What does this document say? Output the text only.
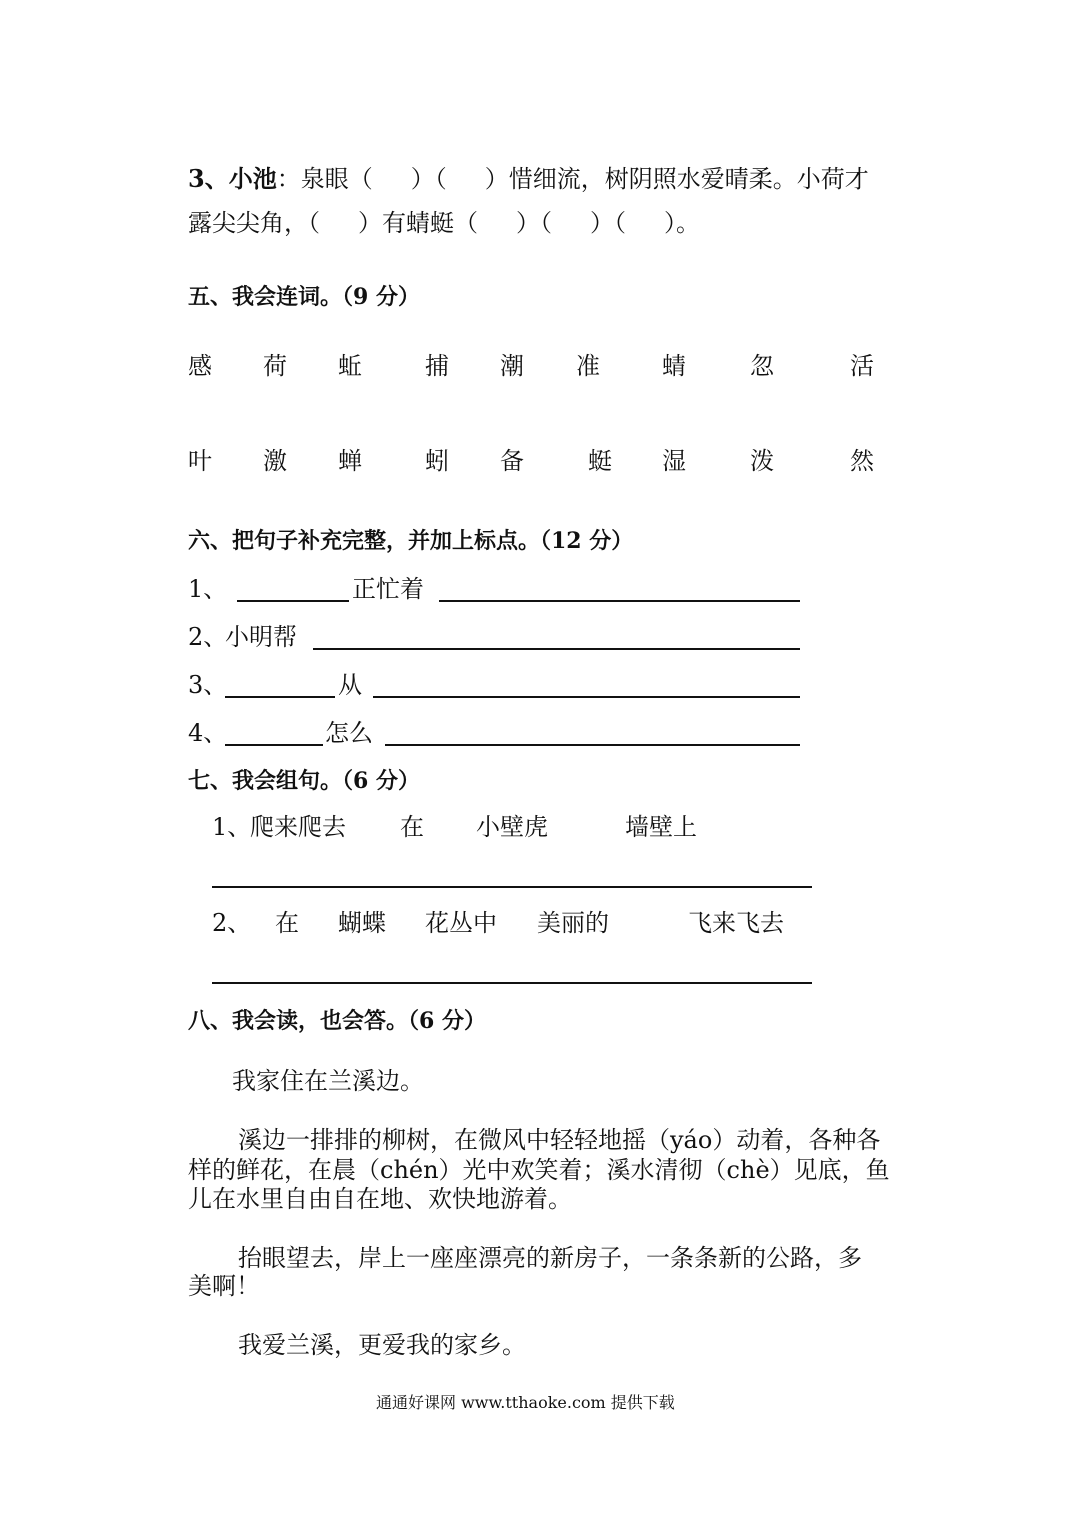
3、小池：泉眼（ ）（ ）惜细流，树阴照水爱晴柔。小荷才
露尖尖角，（ ）有蜻蜓（ ）（ ）（ ）。
五、我会连词。（9 分）
感 荷 蚯	捕 潮 准	蜻	忽	活
叶 激 蝉	蚓 备	蜓 湿	泼	然
六、把句子补充完整，并加上标点。（12 分）
1、	正忙着
2、
小明帮
3、	从
4、	怎么
七、我会组句。（6 分）
1、
爬来爬去 在 小壁虎	墙壁上
2、 在 蝴蝶 花丛中 美丽的	飞来飞去
八、我会读，也会答。（6 分）
我家住在兰溪边。
溪边一排排的柳树，在微风中轻轻地摇（yáo）动着，各种各
样的鲜花，在晨（chén）光中欢笑着；溪水清彻（chè）见底，鱼
儿在水里自由自在地、欢快地游着。
抬眼望去，岸上一座座漂亮的新房子，一条条新的公路，多
美啊！
我爱兰溪，更爱我的家乡。
通通好课网 www.tthaoke.com 提供下载
